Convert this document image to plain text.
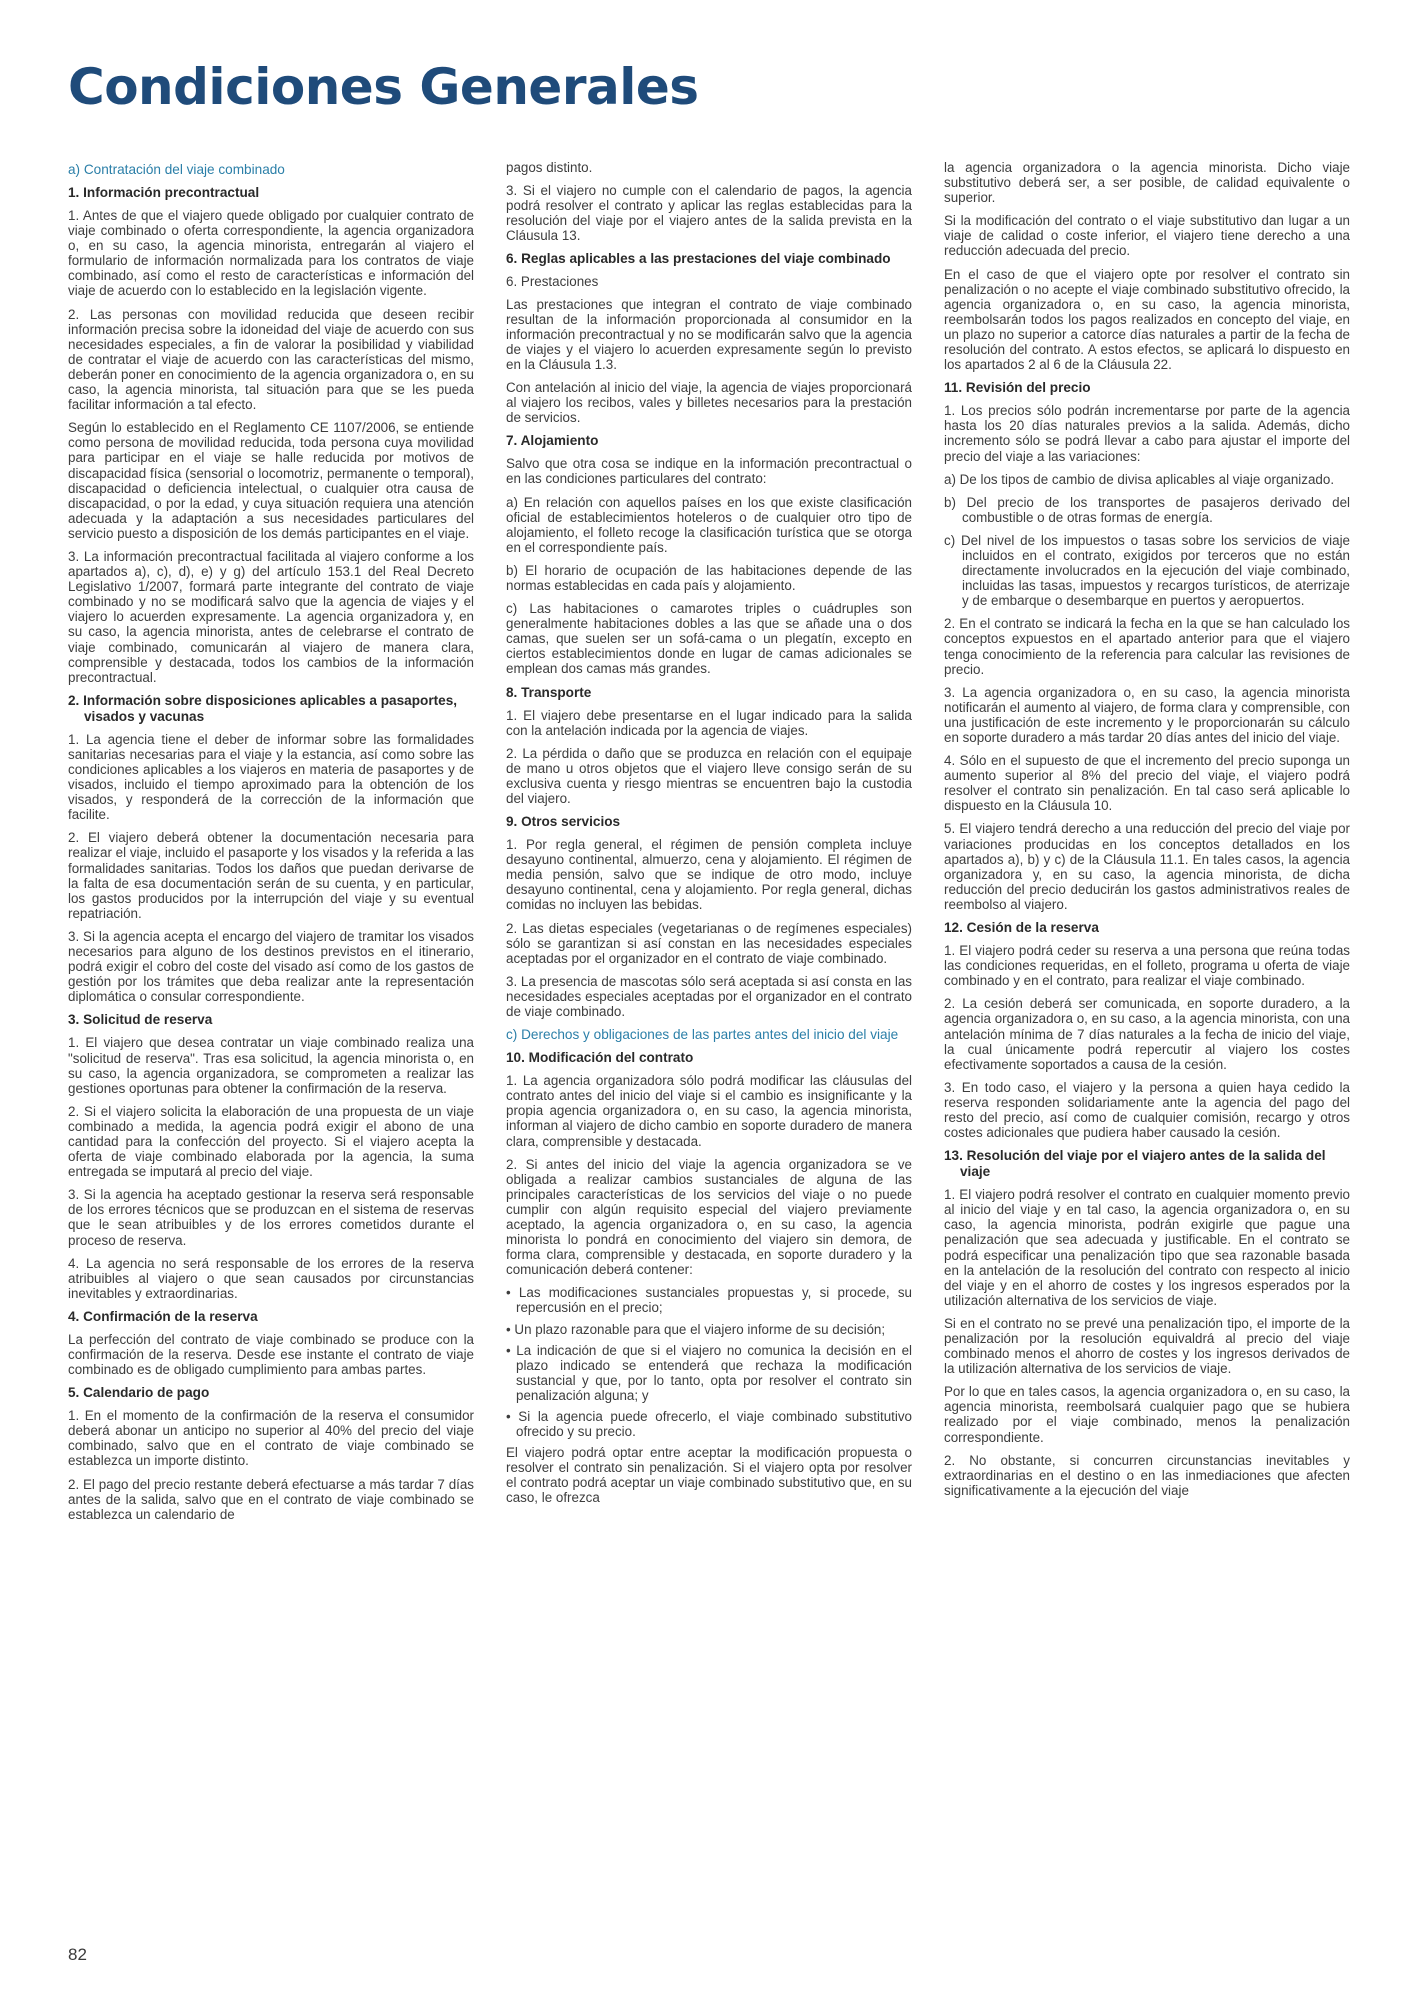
Condiciones Generales
a) Contratación del viaje combinado
1. Información precontractual

1. Antes de que el viajero quede obligado por cualquier contrato de viaje combinado o oferta correspondiente, la agencia organizadora o, en su caso, la agencia minorista, entregarán al viajero el formulario de información normalizada para los contratos de viaje combinado, así como el resto de características e información del viaje de acuerdo con lo establecido en la legislación vigente.

2. Las personas con movilidad reducida que deseen recibir información precisa sobre la idoneidad del viaje de acuerdo con sus necesidades especiales, a fin de valorar la posibilidad y viabilidad de contratar el viaje de acuerdo con las características del mismo, deberán poner en conocimiento de la agencia organizadora o, en su caso, la agencia minorista, tal situación para que se les pueda facilitar información a tal efecto.

Según lo establecido en el Reglamento CE 1107/2006, se entiende como persona de movilidad reducida, toda persona cuya movilidad para participar en el viaje se halle reducida por motivos de discapacidad física (sensorial o locomotriz, permanente o temporal), discapacidad o deficiencia intelectual, o cualquier otra causa de discapacidad, o por la edad, y cuya situación requiera una atención adecuada y la adaptación a sus necesidades particulares del servicio puesto a disposición de los demás participantes en el viaje.

3. La información precontractual facilitada al viajero conforme a los apartados a), c), d), e) y g) del artículo 153.1 del Real Decreto Legislativo 1/2007, formará parte integrante del contrato de viaje combinado y no se modificará salvo que la agencia de viajes y el viajero lo acuerden expresamente. La agencia organizadora y, en su caso, la agencia minorista, antes de celebrarse el contrato de viaje combinado, comunicarán al viajero de manera clara, comprensible y destacada, todos los cambios de la información precontractual.

2. Información sobre disposiciones aplicables a pasaportes, visados y vacunas

1. La agencia tiene el deber de informar sobre las formalidades sanitarias necesarias para el viaje y la estancia, así como sobre las condiciones aplicables a los viajeros en materia de pasaportes y de visados, incluido el tiempo aproximado para la obtención de los visados, y responderá de la corrección de la información que facilite.

2. El viajero deberá obtener la documentación necesaria para realizar el viaje, incluido el pasaporte y los visados y la referida a las formalidades sanitarias. Todos los daños que puedan derivarse de la falta de esa documentación serán de su cuenta, y en particular, los gastos producidos por la interrupción del viaje y su eventual repatriación.

3. Si la agencia acepta el encargo del viajero de tramitar los visados necesarios para alguno de los destinos previstos en el itinerario, podrá exigir el cobro del coste del visado así como de los gastos de gestión por los trámites que deba realizar ante la representación diplomática o consular correspondiente.

3. Solicitud de reserva

1. El viajero que desea contratar un viaje combinado realiza una "solicitud de reserva". Tras esa solicitud, la agencia minorista o, en su caso, la agencia organizadora, se comprometen a realizar las gestiones oportunas para obtener la confirmación de la reserva.

2. Si el viajero solicita la elaboración de una propuesta de un viaje combinado a medida, la agencia podrá exigir el abono de una cantidad para la confección del proyecto. Si el viajero acepta la oferta de viaje combinado elaborada por la agencia, la suma entregada se imputará al precio del viaje.

3. Si la agencia ha aceptado gestionar la reserva será responsable de los errores técnicos que se produzcan en el sistema de reservas que le sean atribuibles y de los errores cometidos durante el proceso de reserva.

4. La agencia no será responsable de los errores de la reserva atribuibles al viajero o que sean causados por circunstancias inevitables y extraordinarias.

4. Confirmación de la reserva

La perfección del contrato de viaje combinado se produce con la confirmación de la reserva. Desde ese instante el contrato de viaje combinado es de obligado cumplimiento para ambas partes.

5. Calendario de pago

1. En el momento de la confirmación de la reserva el consumidor deberá abonar un anticipo no superior al 40% del precio del viaje combinado, salvo que en el contrato de viaje combinado se establezca un importe distinto.

2. El pago del precio restante deberá efectuarse a más tardar 7 días antes de la salida, salvo que en el contrato de viaje combinado se establezca un calendario de

pagos distinto.

3. Si el viajero no cumple con el calendario de pagos, la agencia podrá resolver el contrato y aplicar las reglas establecidas para la resolución del viaje por el viajero antes de la salida prevista en la Cláusula 13.

6. Reglas aplicables a las prestaciones del viaje combinado

6. Prestaciones

Las prestaciones que integran el contrato de viaje combinado resultan de la información proporcionada al consumidor en la información precontractual y no se modificarán salvo que la agencia de viajes y el viajero lo acuerden expresamente según lo previsto en la Cláusula 1.3.

Con antelación al inicio del viaje, la agencia de viajes proporcionará al viajero los recibos, vales y billetes necesarios para la prestación de servicios.

7. Alojamiento

Salvo que otra cosa se indique en la información precontractual o en las condiciones particulares del contrato:

a) En relación con aquellos países en los que existe clasificación oficial de establecimientos hoteleros o de cualquier otro tipo de alojamiento, el folleto recoge la clasificación turística que se otorga en el correspondiente país.

b) El horario de ocupación de las habitaciones depende de las normas establecidas en cada país y alojamiento.

c) Las habitaciones o camarotes triples o cuádruples son generalmente habitaciones dobles a las que se añade una o dos camas, que suelen ser un sofá-cama o un plegatín, excepto en ciertos establecimientos donde en lugar de camas adicionales se emplean dos camas más grandes.

8. Transporte

1. El viajero debe presentarse en el lugar indicado para la salida con la antelación indicada por la agencia de viajes.

2. La pérdida o daño que se produzca en relación con el equipaje de mano u otros objetos que el viajero lleve consigo serán de su exclusiva cuenta y riesgo mientras se encuentren bajo la custodia del viajero.

9. Otros servicios

1. Por regla general, el régimen de pensión completa incluye desayuno continental, almuerzo, cena y alojamiento. El régimen de media pensión, salvo que se indique de otro modo, incluye desayuno continental, cena y alojamiento. Por regla general, dichas comidas no incluyen las bebidas.

2. Las dietas especiales (vegetarianas o de regímenes especiales) sólo se garantizan si así constan en las necesidades especiales aceptadas por el organizador en el contrato de viaje combinado.

3. La presencia de mascotas sólo será aceptada si así consta en las necesidades especiales aceptadas por el organizador en el contrato de viaje combinado.

c) Derechos y obligaciones de las partes antes del inicio del viaje
10. Modificación del contrato

1. La agencia organizadora sólo podrá modificar las cláusulas del contrato antes del inicio del viaje si el cambio es insignificante y la propia agencia organizadora o, en su caso, la agencia minorista, informan al viajero de dicho cambio en soporte duradero de manera clara, comprensible y destacada.

2. Si antes del inicio del viaje la agencia organizadora se ve obligada a realizar cambios sustanciales de alguna de las principales características de los servicios del viaje o no puede cumplir con algún requisito especial del viajero previamente aceptado, la agencia organizadora o, en su caso, la agencia minorista lo pondrá en conocimiento del viajero sin demora, de forma clara, comprensible y destacada, en soporte duradero y la comunicación deberá contener:

• Las modificaciones sustanciales propuestas y, si procede, su repercusión en el precio;

• Un plazo razonable para que el viajero informe de su decisión;

• La indicación de que si el viajero no comunica la decisión en el plazo indicado se entenderá que rechaza la modificación sustancial y que, por lo tanto, opta por resolver el contrato sin penalización alguna; y

• Si la agencia puede ofrecerlo, el viaje combinado substitutivo ofrecido y su precio.

El viajero podrá optar entre aceptar la modificación propuesta o resolver el contrato sin penalización. Si el viajero opta por resolver el contrato podrá aceptar un viaje combinado substitutivo que, en su caso, le ofrezca

la agencia organizadora o la agencia minorista. Dicho viaje substitutivo deberá ser, a ser posible, de calidad equivalente o superior.

Si la modificación del contrato o el viaje substitutivo dan lugar a un viaje de calidad o coste inferior, el viajero tiene derecho a una reducción adecuada del precio.

En el caso de que el viajero opte por resolver el contrato sin penalización o no acepte el viaje combinado substitutivo ofrecido, la agencia organizadora o, en su caso, la agencia minorista, reembolsarán todos los pagos realizados en concepto del viaje, en un plazo no superior a catorce días naturales a partir de la fecha de resolución del contrato. A estos efectos, se aplicará lo dispuesto en los apartados 2 al 6 de la Cláusula 22.

11. Revisión del precio

1. Los precios sólo podrán incrementarse por parte de la agencia hasta los 20 días naturales previos a la salida. Además, dicho incremento sólo se podrá llevar a cabo para ajustar el importe del precio del viaje a las variaciones:

a) De los tipos de cambio de divisa aplicables al viaje organizado.

b) Del precio de los transportes de pasajeros derivado del combustible o de otras formas de energía.

c) Del nivel de los impuestos o tasas sobre los servicios de viaje incluidos en el contrato, exigidos por terceros que no están directamente involucrados en la ejecución del viaje combinado, incluidas las tasas, impuestos y recargos turísticos, de aterrizaje y de embarque o desembarque en puertos y aeropuertos.

2. En el contrato se indicará la fecha en la que se han calculado los conceptos expuestos en el apartado anterior para que el viajero tenga conocimiento de la referencia para calcular las revisiones de precio.

3. La agencia organizadora o, en su caso, la agencia minorista notificarán el aumento al viajero, de forma clara y comprensible, con una justificación de este incremento y le proporcionarán su cálculo en soporte duradero a más tardar 20 días antes del inicio del viaje.

4. Sólo en el supuesto de que el incremento del precio suponga un aumento superior al 8% del precio del viaje, el viajero podrá resolver el contrato sin penalización. En tal caso será aplicable lo dispuesto en la Cláusula 10.

5. El viajero tendrá derecho a una reducción del precio del viaje por variaciones producidas en los conceptos detallados en los apartados a), b) y c) de la Cláusula 11.1. En tales casos, la agencia organizadora y, en su caso, la agencia minorista, de dicha reducción del precio deducirán los gastos administrativos reales de reembolso al viajero.

12. Cesión de la reserva

1. El viajero podrá ceder su reserva a una persona que reúna todas las condiciones requeridas, en el folleto, programa u oferta de viaje combinado y en el contrato, para realizar el viaje combinado.

2. La cesión deberá ser comunicada, en soporte duradero, a la agencia organizadora o, en su caso, a la agencia minorista, con una antelación mínima de 7 días naturales a la fecha de inicio del viaje, la cual únicamente podrá repercutir al viajero los costes efectivamente soportados a causa de la cesión.

3. En todo caso, el viajero y la persona a quien haya cedido la reserva responden solidariamente ante la agencia del pago del resto del precio, así como de cualquier comisión, recargo y otros costes adicionales que pudiera haber causado la cesión.

13. Resolución del viaje por el viajero antes de la salida del viaje

1. El viajero podrá resolver el contrato en cualquier momento previo al inicio del viaje y en tal caso, la agencia organizadora o, en su caso, la agencia minorista, podrán exigirle que pague una penalización que sea adecuada y justificable. En el contrato se podrá especificar una penalización tipo que sea razonable basada en la antelación de la resolución del contrato con respecto al inicio del viaje y en el ahorro de costes y los ingresos esperados por la utilización alternativa de los servicios de viaje.

Si en el contrato no se prevé una penalización tipo, el importe de la penalización por la resolución equivaldrá al precio del viaje combinado menos el ahorro de costes y los ingresos derivados de la utilización alternativa de los servicios de viaje.

Por lo que en tales casos, la agencia organizadora o, en su caso, la agencia minorista, reembolsará cualquier pago que se hubiera realizado por el viaje combinado, menos la penalización correspondiente.

2. No obstante, si concurren circunstancias inevitables y extraordinarias en el destino o en las inmediaciones que afecten significativamente a la ejecución del viaje

82
